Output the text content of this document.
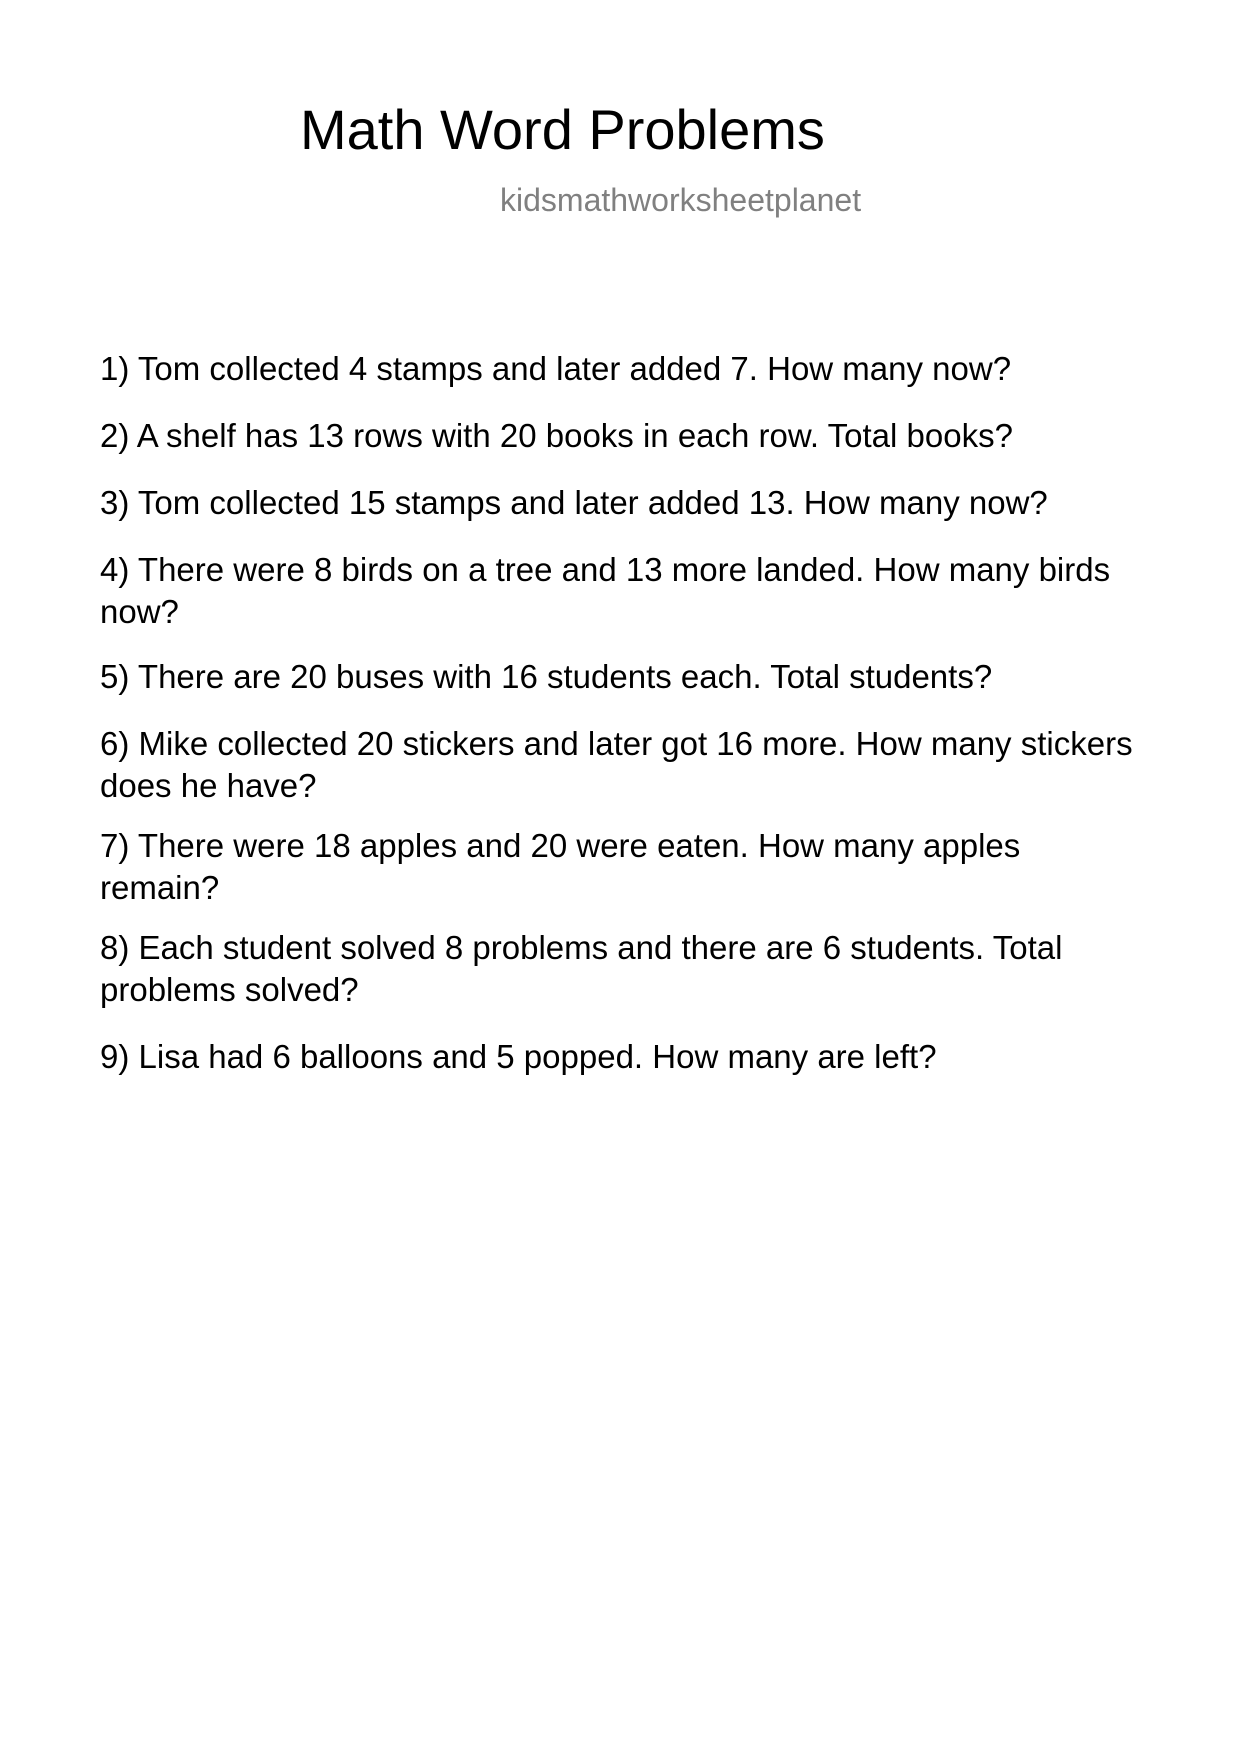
Math Word Problems
kidsmathworksheetplanet
1) Tom collected 4 stamps and later added 7. How many now?
2) A shelf has 13 rows with 20 books in each row. Total books?
3) Tom collected 15 stamps and later added 13. How many now?
4) There were 8 birds on a tree and 13 more landed. How many birds now?
5) There are 20 buses with 16 students each. Total students?
6) Mike collected 20 stickers and later got 16 more. How many stickers does he have?
7) There were 18 apples and 20 were eaten. How many apples remain?
8) Each student solved 8 problems and there are 6 students. Total problems solved?
9) Lisa had 6 balloons and 5 popped. How many are left?
